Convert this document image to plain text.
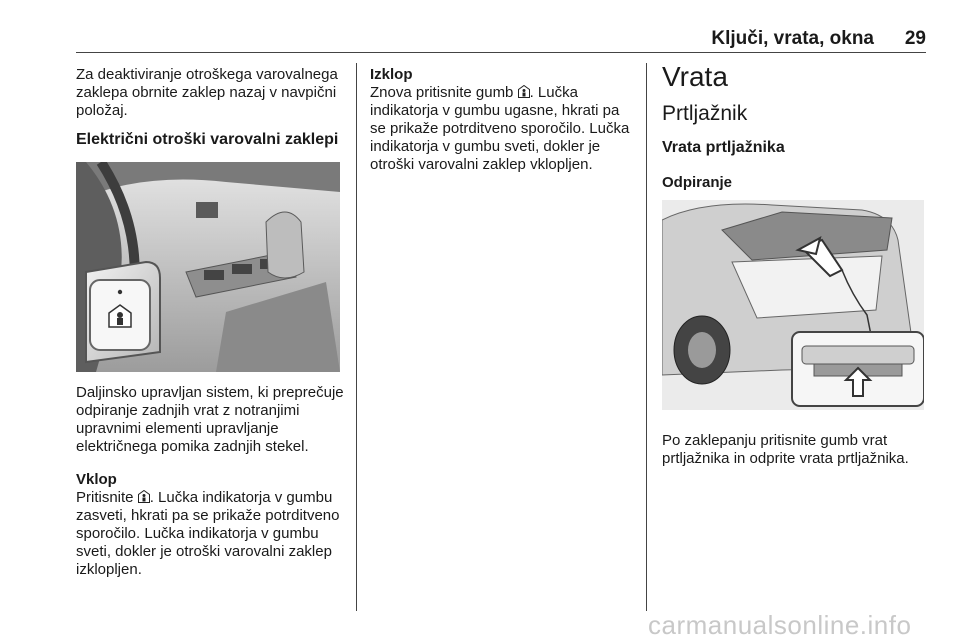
Ključi, vrata, okna 29

Za deaktiviranje otroškega varovalnega zaklepa obrnite zaklep nazaj v navpični položaj.

Električni otroški varovalni zaklepi

Daljinsko upravljan sistem, ki preprečuje odpiranje zadnjih vrat z notranjimi upravnimi elementi upravljanje električnega pomika zadnjih stekel.

Vklop

Pritisnite . Lučka indikatorja v gumbu zasveti, hkrati pa se prikaže potrditveno sporočilo. Lučka indikatorja v gumbu sveti, dokler je otroški varovalni zaklep izklopljen.

Izklop

Znova pritisnite gumb . Lučka indikatorja v gumbu ugasne, hkrati pa se prikaže potrditveno sporočilo. Lučka indikatorja v gumbu sveti, dokler je otroški varovalni zaklep vklopljen.

Vrata

Prtljažnik

Vrata prtljažnika

Odpiranje

Po zaklepanju pritisnite gumb vrat prtljažnika in odprite vrata prtljažnika.

carmanualsonline.info
